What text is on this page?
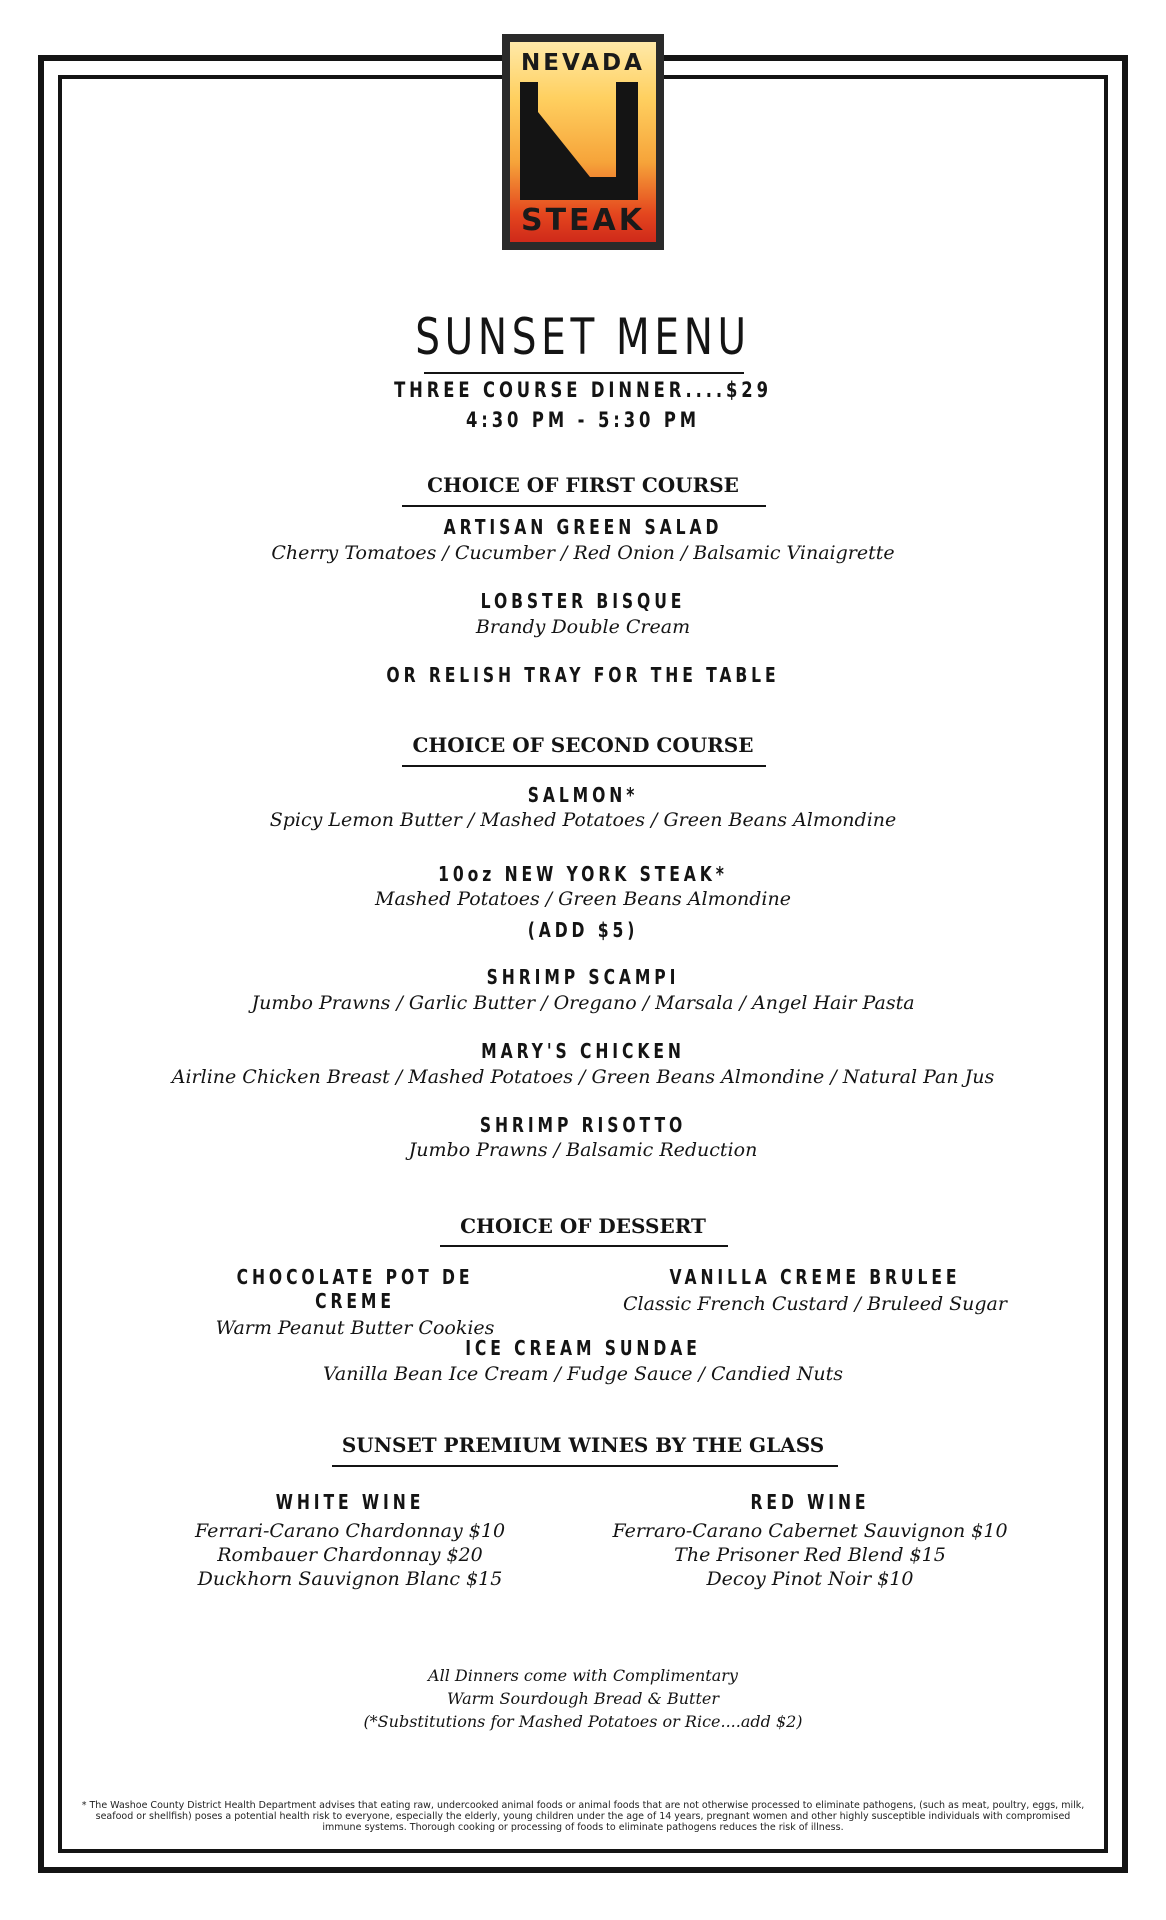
NEVADA
STEAK
SUNSET MENU
THREE COURSE DINNER....$29
4:30 PM - 5:30 PM
CHOICE OF FIRST COURSE
ARTISAN GREEN SALAD
Cherry Tomatoes / Cucumber / Red Onion / Balsamic Vinaigrette
LOBSTER BISQUE
Brandy Double Cream
OR RELISH TRAY FOR THE TABLE
CHOICE OF SECOND COURSE
SALMON*
Spicy Lemon Butter / Mashed Potatoes / Green Beans Almondine
10oz NEW YORK STEAK*
Mashed Potatoes / Green Beans Almondine
(ADD $5)
SHRIMP SCAMPI
Jumbo Prawns / Garlic Butter / Oregano / Marsala / Angel Hair Pasta
MARY'S CHICKEN
Airline Chicken Breast / Mashed Potatoes / Green Beans Almondine / Natural Pan Jus
SHRIMP RISOTTO
Jumbo Prawns / Balsamic Reduction
CHOICE OF DESSERT
CHOCOLATE POT DE CREME
Warm Peanut Butter Cookies
VANILLA CREME BRULEE
Classic French Custard / Bruleed Sugar
ICE CREAM SUNDAE
Vanilla Bean Ice Cream / Fudge Sauce / Candied Nuts
SUNSET PREMIUM WINES BY THE GLASS
WHITE WINE
Ferrari-Carano Chardonnay $10
Rombauer Chardonnay $20
Duckhorn Sauvignon Blanc $15
RED WINE
Ferraro-Carano Cabernet Sauvignon $10
The Prisoner Red Blend $15
Decoy Pinot Noir $10
All Dinners come with Complimentary
Warm Sourdough Bread & Butter
(*Substitutions for Mashed Potatoes or Rice....add $2)
* The Washoe County District Health Department advises that eating raw, undercooked animal foods or animal foods that are not otherwise processed to eliminate pathogens, (such as meat, poultry, eggs, milk, seafood or shellfish) poses a potential health risk to everyone, especially the elderly, young children under the age of 14 years, pregnant women and other highly susceptible individuals with compromised immune systems. Thorough cooking or processing of foods to eliminate pathogens reduces the risk of illness.
